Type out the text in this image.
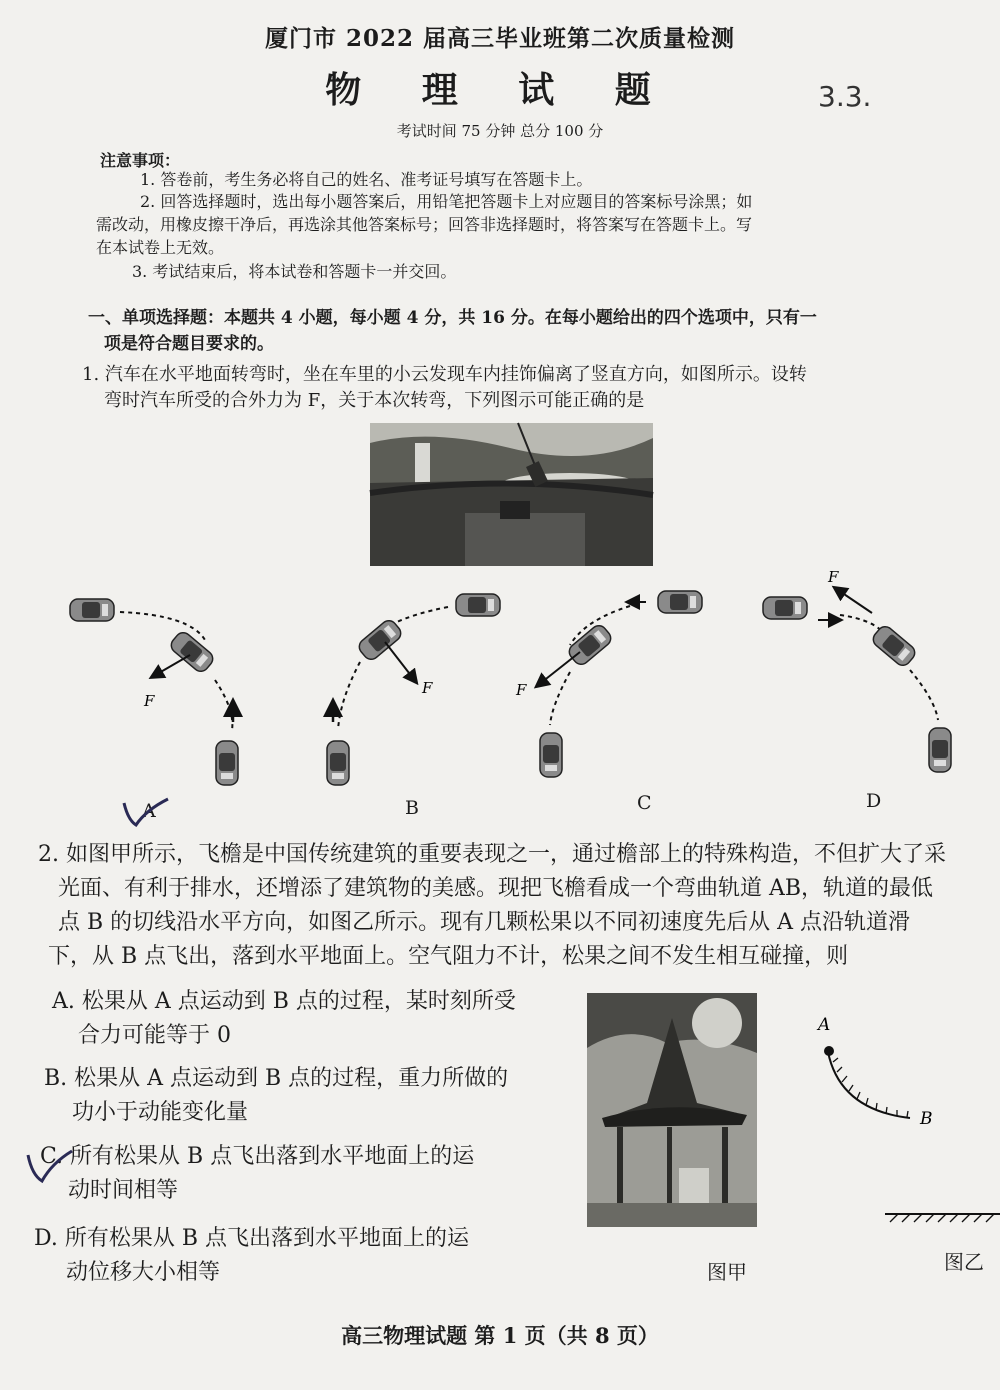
厦门市 2022 届高三毕业班第二次质量检测
物 理 试 题	3.3.
考试时间 75 分钟 总分 100 分
注意事项：
1. 答卷前，考生务必将自己的姓名、准考证号填写在答题卡上。
2. 回答选择题时，选出每小题答案后，用铅笔把答题卡上对应题目的答案标号涂黑；如
需改动，用橡皮擦干净后，再选涂其他答案标号；回答非选择题时，将答案写在答题卡上。写
在本试卷上无效。
3. 考试结束后，将本试卷和答题卡一并交回。
一、单项选择题：本题共 4 小题，每小题 4 分，共 16 分。在每小题给出的四个选项中，只有一
项是符合题目要求的。
1. 汽车在水平地面转弯时，坐在车里的小云发现车内挂饰偏离了竖直方向，如图所示。设转
弯时汽车所受的合外力为 F，关于本次转弯，下列图示可能正确的是
F
F	F
F
A	B	C	D
2. 如图甲所示，飞檐是中国传统建筑的重要表现之一，通过檐部上的特殊构造，不但扩大了采
光面、有利于排水，还增添了建筑物的美感。现把飞檐看成一个弯曲轨道 AB，轨道的最低
点 B 的切线沿水平方向，如图乙所示。现有几颗松果以不同初速度先后从 A 点沿轨道滑
下，从 B 点飞出，落到水平地面上。空气阻力不计，松果之间不发生相互碰撞，则
A. 松果从 A 点运动到 B 点的过程，某时刻所受
合力可能等于 0
B. 松果从 A 点运动到 B 点的过程，重力所做的
功小于动能变化量
C. 所有松果从 B 点飞出落到水平地面上的运
动时间相等
D. 所有松果从 B 点飞出落到水平地面上的运
动位移大小相等
A
B
图甲	图乙
高三物理试题 第 1 页（共 8 页）
